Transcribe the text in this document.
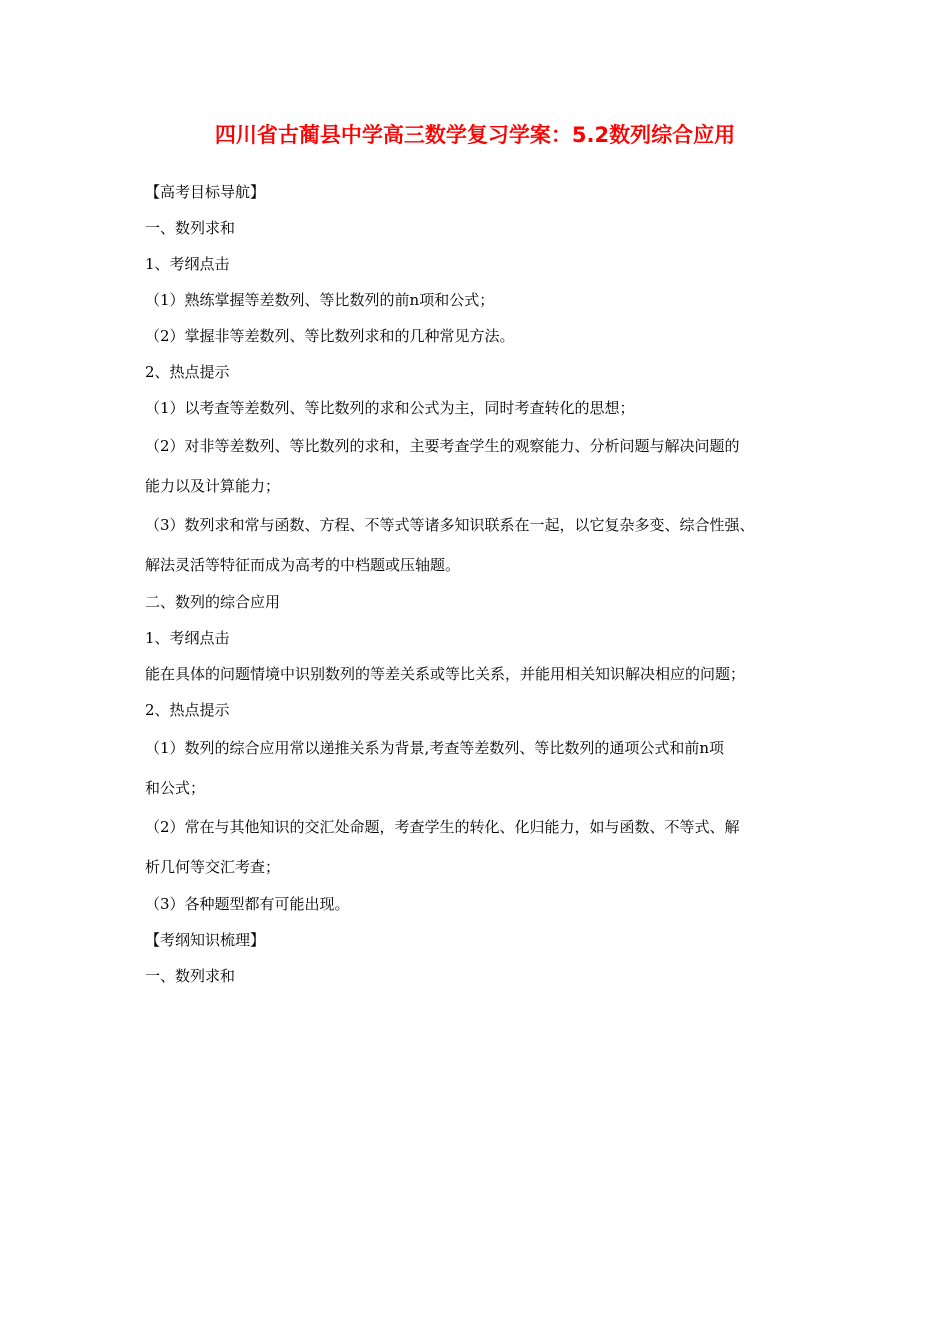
四川省古蔺县中学高三数学复习学案：5.2数列综合应用

【高考目标导航】

一、数列求和

1、考纲点击

（1）熟练掌握等差数列、等比数列的前n项和公式；

（2）掌握非等差数列、等比数列求和的几种常见方法。

2、热点提示

（1）以考查等差数列、等比数列的求和公式为主，同时考查转化的思想；

（2）对非等差数列、等比数列的求和，主要考查学生的观察能力、分析问题与解决问题的

能力以及计算能力；

（3）数列求和常与函数、方程、不等式等诸多知识联系在一起，以它复杂多变、综合性强、

解法灵活等特征而成为高考的中档题或压轴题。

二、数列的综合应用

1、考纲点击

能在具体的问题情境中识别数列的等差关系或等比关系，并能用相关知识解决相应的问题；

2、热点提示

（1）数列的综合应用常以递推关系为背景,考查等差数列、等比数列的通项公式和前n项

和公式；

（2）常在与其他知识的交汇处命题，考查学生的转化、化归能力，如与函数、不等式、解

析几何等交汇考查；

（3）各种题型都有可能出现。

【考纲知识梳理】

一、数列求和
